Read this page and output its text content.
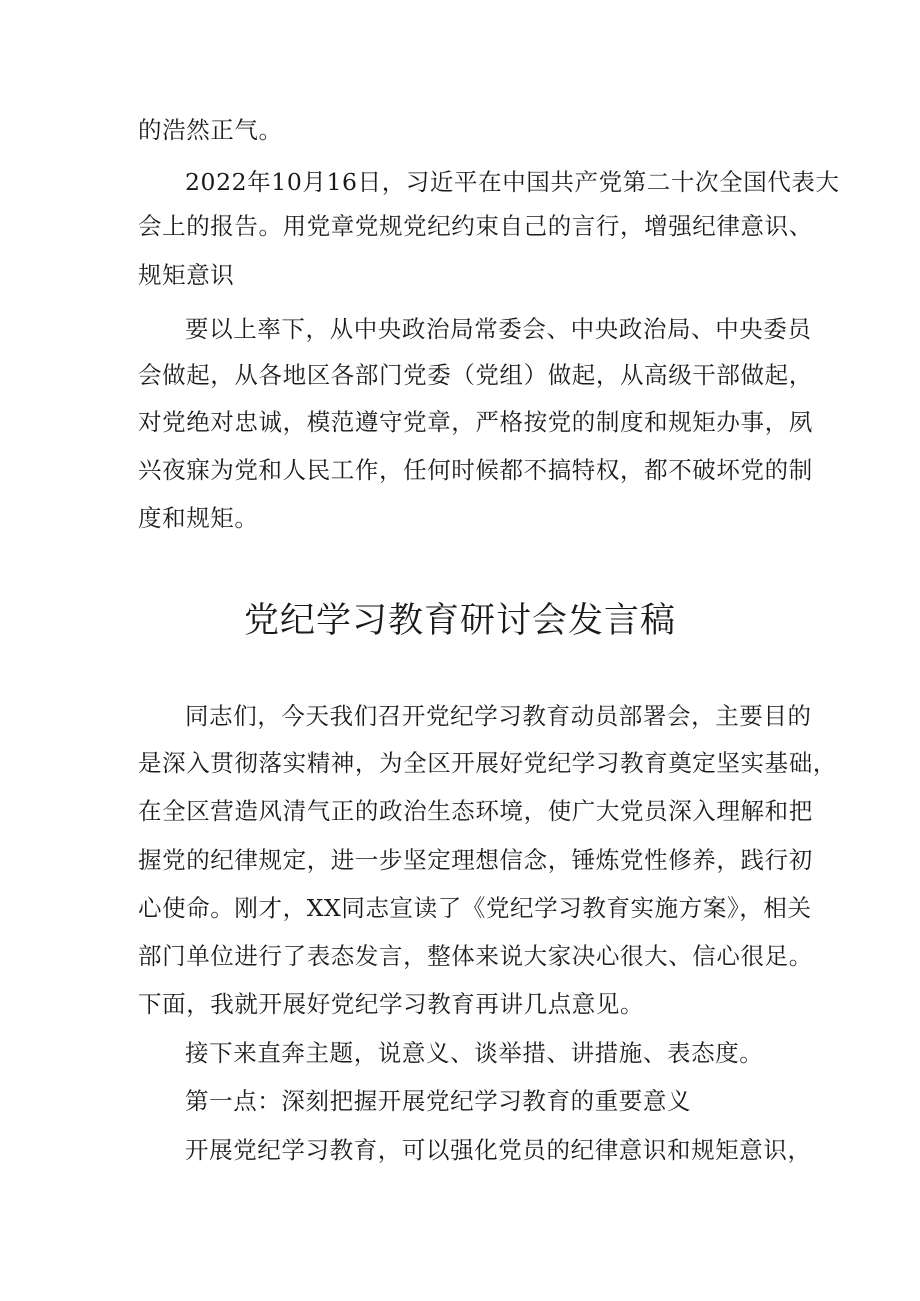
的浩然正气。
2022年10月16日，习近平在中国共产党第二十次全国代表大
会上的报告。用党章党规党纪约束自己的言行，增强纪律意识、
规矩意识
要以上率下，从中央政治局常委会、中央政治局、中央委员
会做起，从各地区各部门党委（党组）做起，从高级干部做起，
对党绝对忠诚，模范遵守党章，严格按党的制度和规矩办事，夙
兴夜寐为党和人民工作，任何时候都不搞特权，都不破坏党的制
度和规矩。
党纪学习教育研讨会发言稿
同志们，今天我们召开党纪学习教育动员部署会，主要目的
是深入贯彻落实精神，为全区开展好党纪学习教育奠定坚实基础，
在全区营造风清气正的政治生态环境，使广大党员深入理解和把
握党的纪律规定，进一步坚定理想信念，锤炼党性修养，践行初
心使命。刚才，XX同志宣读了《党纪学习教育实施方案》，相关
部门单位进行了表态发言，整体来说大家决心很大、信心很足。
下面，我就开展好党纪学习教育再讲几点意见。
接下来直奔主题，说意义、谈举措、讲措施、表态度。
第一点：深刻把握开展党纪学习教育的重要意义
开展党纪学习教育，可以强化党员的纪律意识和规矩意识，
